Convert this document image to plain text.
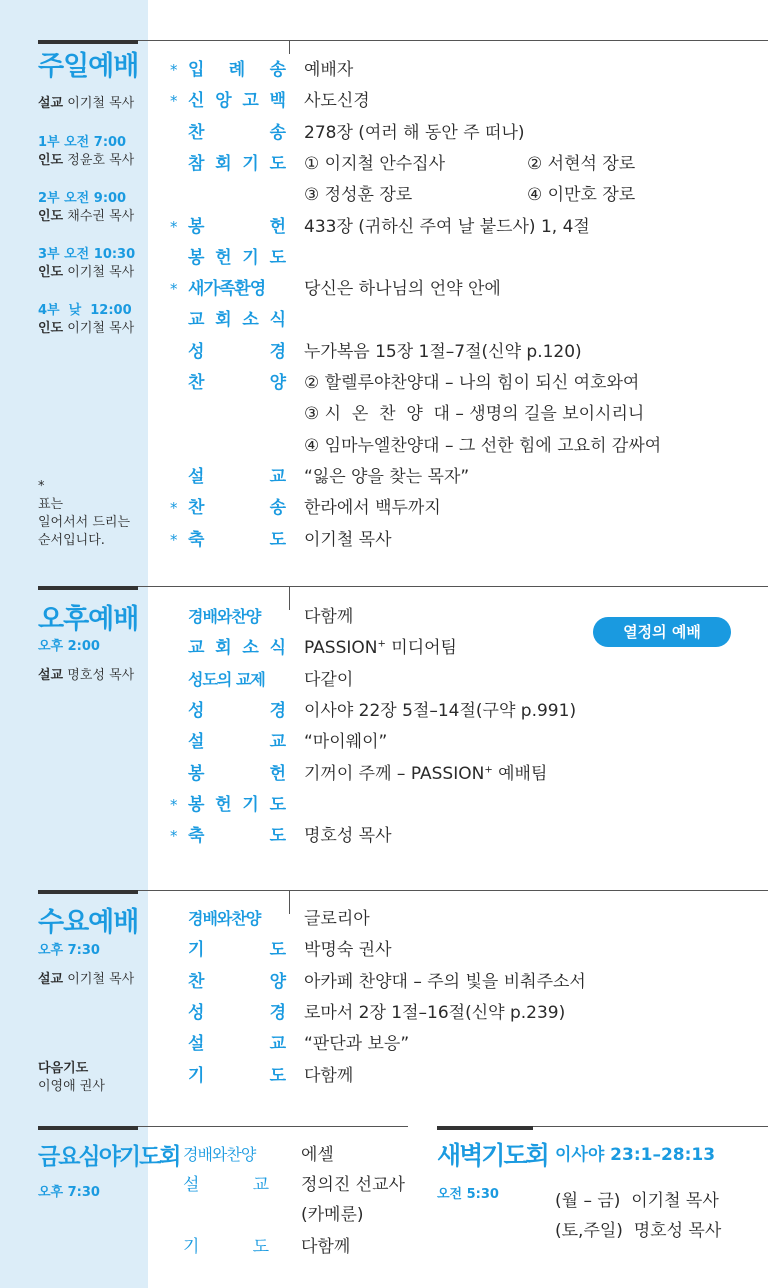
주일예배
설교 이기철 목사
1부 오전 7:00
인도 정윤호 목사
2부 오전 9:00
인도 채수권 목사
3부 오전 10:30
인도 이기철 목사
4부  낮  12:00
인도 이기철 목사
*
표는
일어서서 드리는
순서입니다.
* 입 례 송 예배자
* 신 앙 고 백 사도신경
찬	송 278장 (여러 해 동안 주 떠나)
참 회 기 도 ① 이지철 안수집사	② 서현석 장로
③ 정성훈 장로	④ 이만호 장로
* 봉	헌 433장 (귀하신 주여 날 붙드사) 1, 4절
봉 헌 기 도
* 새가족환영	당신은 하나님의 언약 안에
교 회 소 식
성	경 누가복음 15장 1절–7절(신약 p.120)
찬	양 ② 할렐루야찬양대 – 나의 힘이 되신 여호와여
③ 시  온  찬  양  대 – 생명의 길을 보이시리니
④ 임마누엘찬양대 – 그 선한 힘에 고요히 감싸여
설	교 “잃은 양을 찾는 목자”
* 찬	송 한라에서 백두까지
* 축	도 이기철 목사
오후예배
오후 2:00
설교 명호성 목사
열정의 예배
경배와찬양	다함께
교 회 소 식 PASSION+ 미디어팀
성도의 교제	다같이
성	경 이사야 22장 5절–14절(구약 p.991)
설	교 “마이웨이”
봉	헌 기꺼이 주께 – PASSION+ 예배팀
* 봉 헌 기 도
* 축	도 명호성 목사
수요예배
오후 7:30
설교 이기철 목사
다음기도
이영애 권사
경배와찬양	글로리아
기	도 박명숙 권사
찬	양 아카페 찬양대 – 주의 빛을 비춰주소서
성	경 로마서 2장 1절–16절(신약 p.239)
설	교 “판단과 보응”
기	도 다함께
금요심야기도회
오후 7:30
경배와찬양	에셀
설	교 정의진 선교사
(카메룬)
기	도 다함께
새벽기도회 이사야 23:1–28:13
오전 5:30	(월 – 금)  이기철 목사
(토,주일)  명호성 목사
